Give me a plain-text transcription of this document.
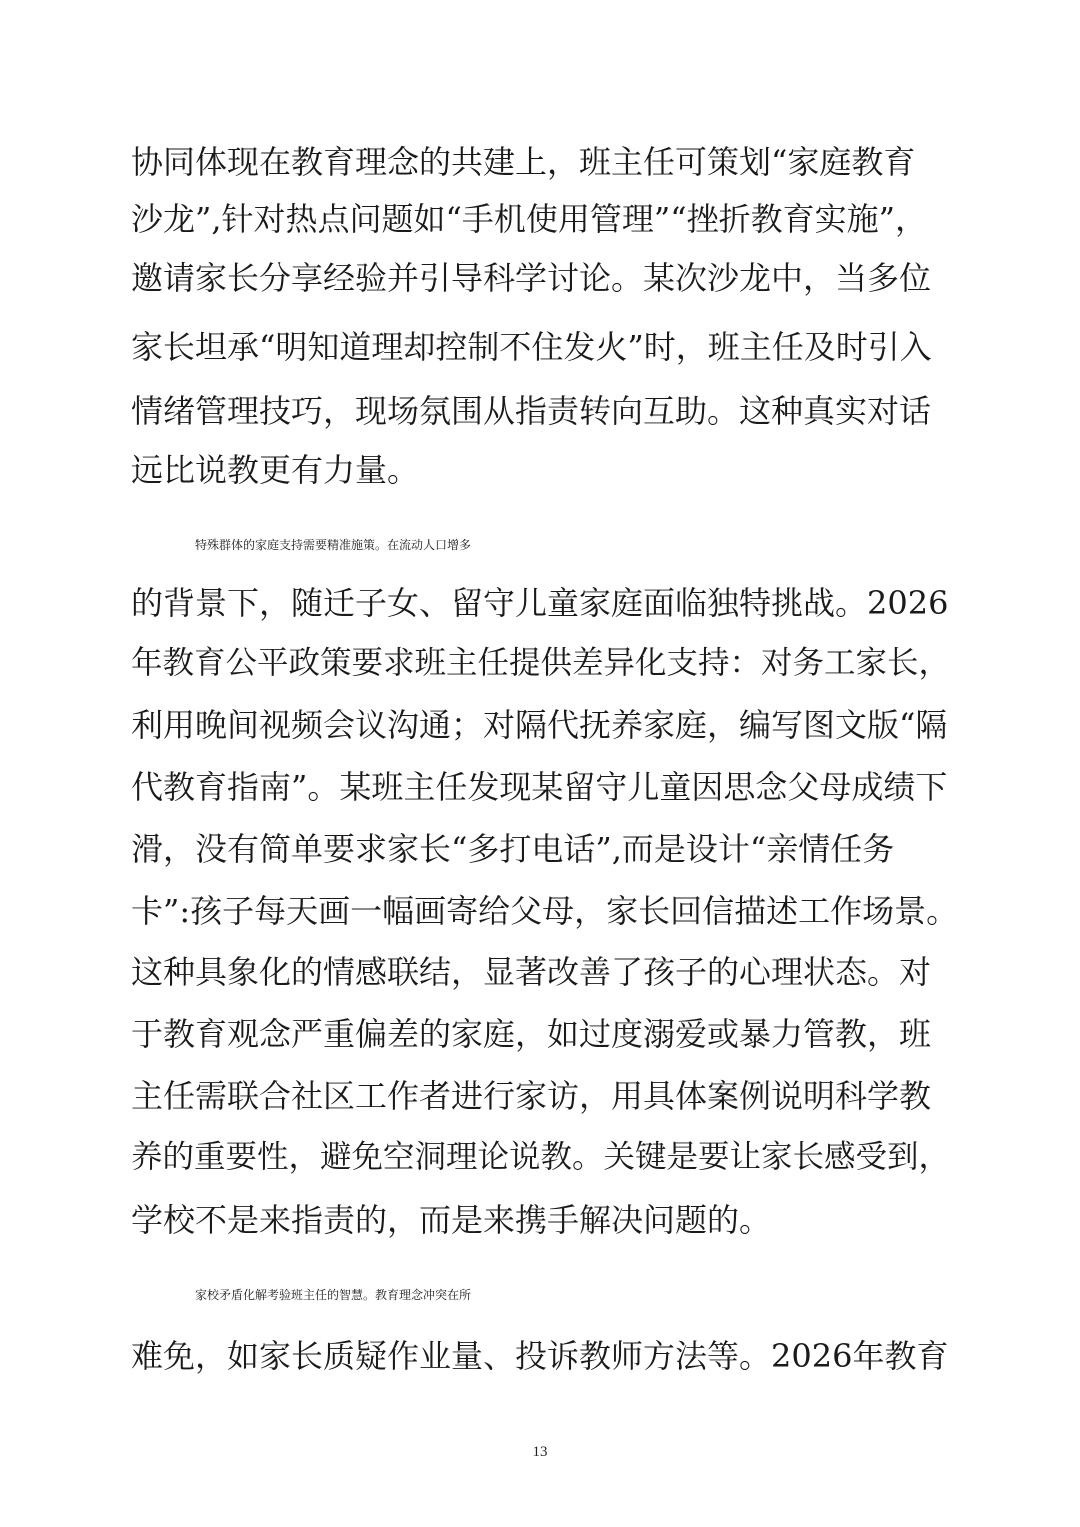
协同体现在教育理念的共建上，班主任可策划“家庭教育
沙龙”,针对热点问题如“手机使用管理”“挫折教育实施”，
邀请家长分享经验并引导科学讨论。某次沙龙中，当多位
家长坦承“明知道理却控制不住发火”时，班主任及时引入
情绪管理技巧，现场氛围从指责转向互助。这种真实对话
远比说教更有力量。
特殊群体的家庭支持需要精准施策。在流动人口增多
的背景下，随迁子女、留守儿童家庭面临独特挑战。2026
年教育公平政策要求班主任提供差异化支持：对务工家长，
利用晚间视频会议沟通；对隔代抚养家庭，编写图文版“隔
代教育指南”。某班主任发现某留守儿童因思念父母成绩下
滑，没有简单要求家长“多打电话”,而是设计“亲情任务
卡”:孩子每天画一幅画寄给父母，家长回信描述工作场景。
这种具象化的情感联结，显著改善了孩子的心理状态。对
于教育观念严重偏差的家庭，如过度溺爱或暴力管教，班
主任需联合社区工作者进行家访，用具体案例说明科学教
养的重要性，避免空洞理论说教。关键是要让家长感受到，
学校不是来指责的，而是来携手解决问题的。
家校矛盾化解考验班主任的智慧。教育理念冲突在所
难免，如家长质疑作业量、投诉教师方法等。2026年教育
13
